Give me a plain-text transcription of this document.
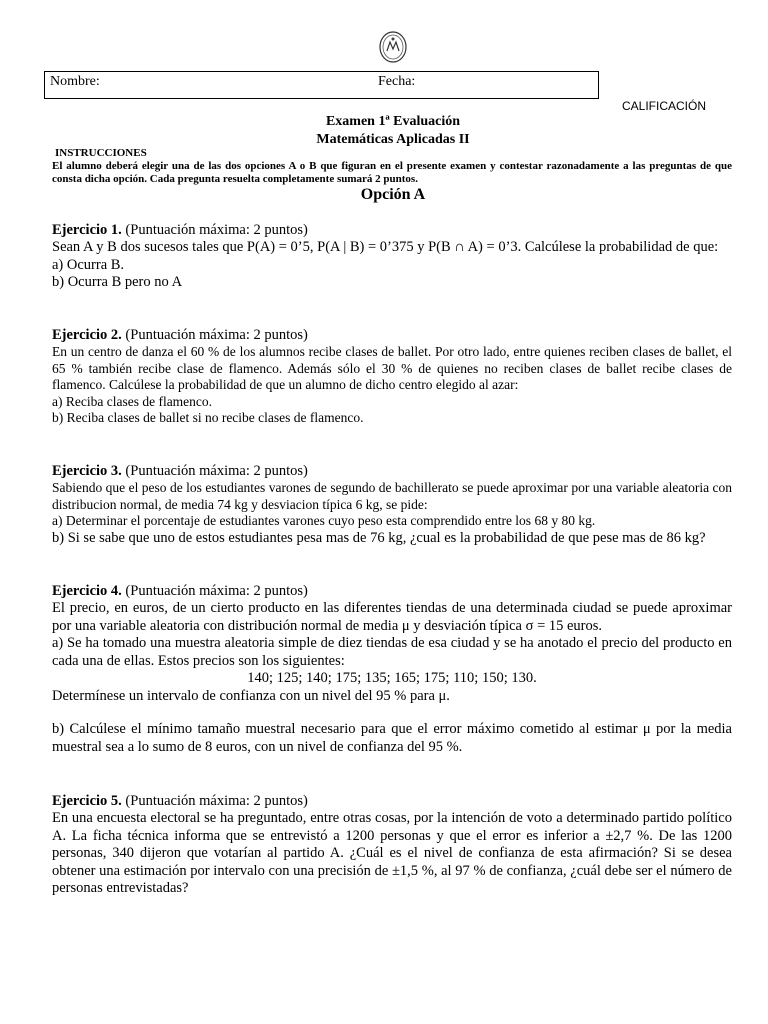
Nombre:	Fecha:
CALIFICACIÓN
Examen 1ª Evaluación
Matemáticas Aplicadas II
INSTRUCCIONES
El alumno deberá elegir una de las dos opciones A o B que figuran en el presente examen y contestar razonadamente a las preguntas de que consta dicha opción. Cada pregunta resuelta completamente sumará 2 puntos.
Opción A

Ejercicio 1. (Puntuación máxima: 2 puntos)

Sean A y B dos sucesos tales que P(A) = 0’5, P(A | B) = 0’375 y P(B ∩ A) = 0’3. Calcúlese la probabilidad de que:

a) Ocurra B.

b) Ocurra B pero no A

Ejercicio 2. (Puntuación máxima: 2 puntos)

En un centro de danza el 60 % de los alumnos recibe clases de ballet. Por otro lado, entre quienes reciben clases de ballet, el 65 % también recibe clase de flamenco. Además sólo el 30 % de quienes no reciben clases de ballet recibe clases de flamenco. Calcúlese la probabilidad de que un alumno de dicho centro elegido al azar:

a) Reciba clases de flamenco.

b) Reciba clases de ballet si no recibe clases de flamenco.

Ejercicio 3. (Puntuación máxima: 2 puntos)

Sabiendo que el peso de los estudiantes varones de segundo de bachillerato se puede aproximar por una variable aleatoria con distribucion normal, de media 74 kg y desviacion típica 6 kg, se pide:

a) Determinar el porcentaje de estudiantes varones cuyo peso esta comprendido entre los 68 y 80 kg.

b) Si se sabe que uno de estos estudiantes pesa mas de 76 kg, ¿cual es la probabilidad de que pese mas de 86 kg?

Ejercicio 4. (Puntuación máxima: 2 puntos)

El precio, en euros, de un cierto producto en las diferentes tiendas de una determinada ciudad se puede aproximar por una variable aleatoria con distribución normal de media μ y desviación típica σ = 15 euros.

a) Se ha tomado una muestra aleatoria simple de diez tiendas de esa ciudad y se ha anotado el precio del producto en cada una de ellas. Estos precios son los siguientes:

140; 125; 140; 175; 135; 165; 175; 110; 150; 130.

Determínese un intervalo de confianza con un nivel del 95 % para μ.

b) Calcúlese el mínimo tamaño muestral necesario para que el error máximo cometido al estimar μ por la media muestral sea a lo sumo de 8 euros, con un nivel de confianza del 95 %.

Ejercicio 5. (Puntuación máxima: 2 puntos)

En una encuesta electoral se ha preguntado, entre otras cosas, por la intención de voto a determinado partido político A. La ficha técnica informa que se entrevistó a 1200 personas y que el error es inferior a ±2,7 %. De las 1200 personas, 340 dijeron que votarían al partido A. ¿Cuál es el nivel de confianza de esta afirmación? Si se desea obtener una estimación por intervalo con una precisión de ±1,5 %, al 97 % de confianza, ¿cuál debe ser el número de personas entrevistadas?
